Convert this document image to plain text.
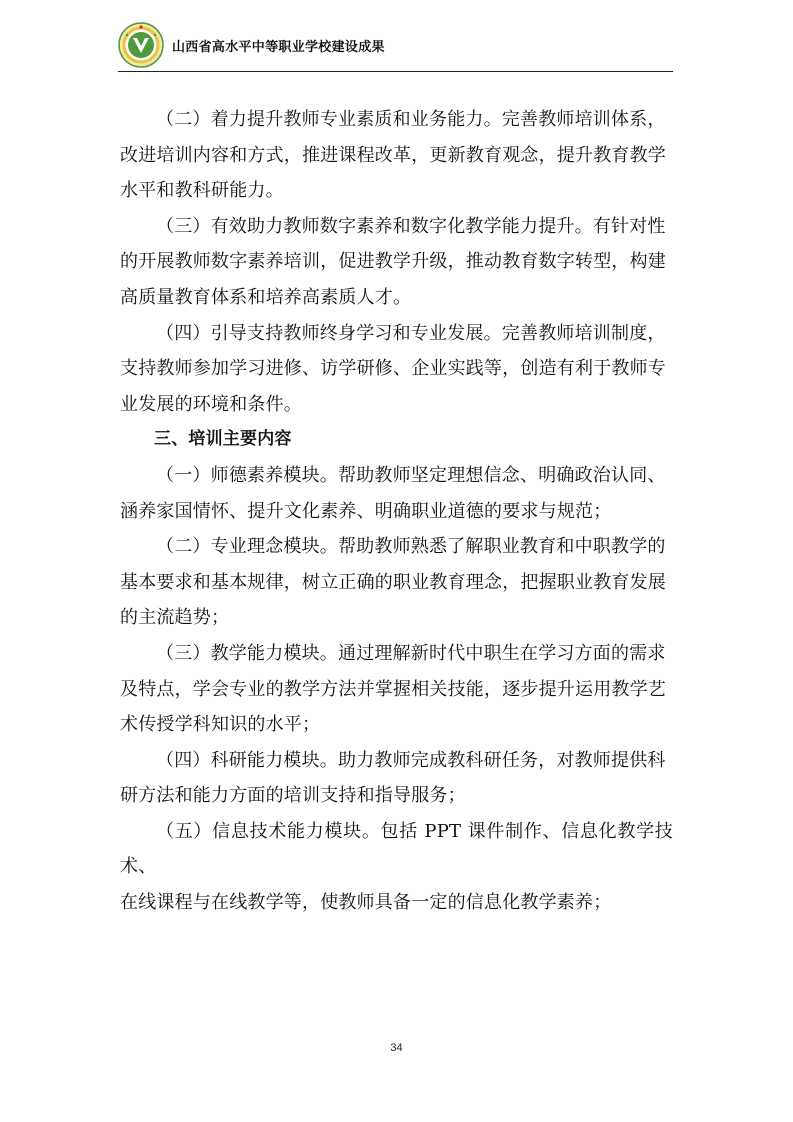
山西省高水平中等职业学校建设成果

（二）着力提升教师专业素质和业务能力。完善教师培训体系，
改进培训内容和方式，推进课程改革，更新教育观念，提升教育教学
水平和教科研能力。

（三）有效助力教师数字素养和数字化教学能力提升。有针对性
的开展教师数字素养培训，促进教学升级，推动教育数字转型，构建
高质量教育体系和培养高素质人才。

（四）引导支持教师终身学习和专业发展。完善教师培训制度，
支持教师参加学习进修、访学研修、企业实践等，创造有利于教师专
业发展的环境和条件。

三、培训主要内容

（一）师德素养模块。帮助教师坚定理想信念、明确政治认同、
涵养家国情怀、提升文化素养、明确职业道德的要求与规范；

（二）专业理念模块。帮助教师熟悉了解职业教育和中职教学的
基本要求和基本规律，树立正确的职业教育理念，把握职业教育发展
的主流趋势；

（三）教学能力模块。通过理解新时代中职生在学习方面的需求
及特点，学会专业的教学方法并掌握相关技能，逐步提升运用教学艺
术传授学科知识的水平；

（四）科研能力模块。助力教师完成教科研任务，对教师提供科
研方法和能力方面的培训支持和指导服务；

（五）信息技术能力模块。包括 PPT 课件制作、信息化教学技术、
在线课程与在线教学等，使教师具备一定的信息化教学素养；

34
